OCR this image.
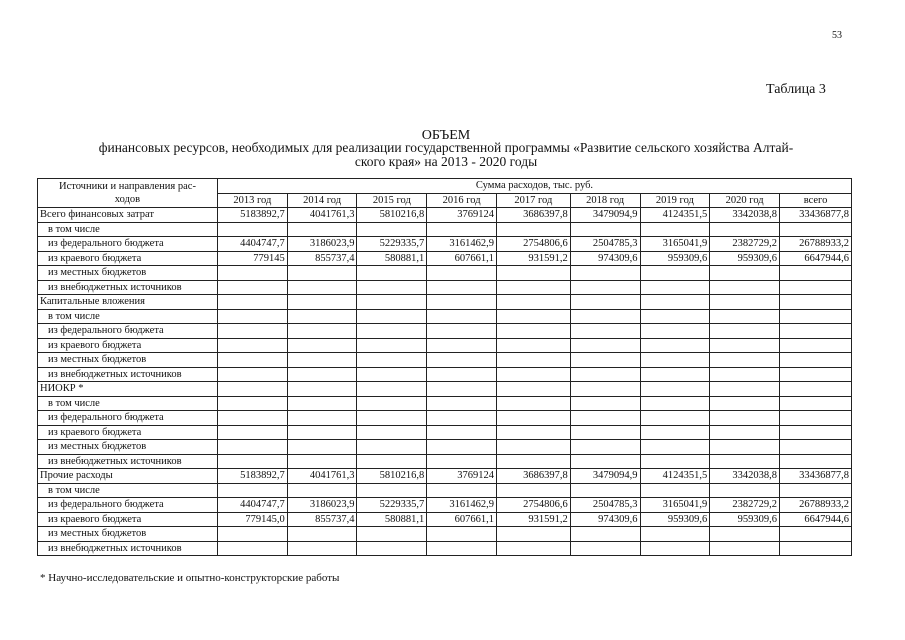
53
Таблица 3
ОБЪЕМ
финансовых ресурсов, необходимых для реализации государственной программы «Развитие сельского хозяйства Алтай-
ского края» на 2013 - 2020 годы
Источники и направления рас-
ходов	Сумма расходов, тыс. руб.								
	2013 год	2014 год	2015 год	2016 год	2017 год	2018 год	2019 год	2020 год	всего
Всего финансовых затрат	5183892,7	4041761,3	5810216,8	3769124	3686397,8	3479094,9	4124351,5	3342038,8	33436877,8
в том числе									
из федерального бюджета	4404747,7	3186023,9	5229335,7	3161462,9	2754806,6	2504785,3	3165041,9	2382729,2	26788933,2
из краевого бюджета	779145	855737,4	580881,1	607661,1	931591,2	974309,6	959309,6	959309,6	6647944,6
из местных бюджетов									
из внебюджетных источников									
Капитальные вложения									
в том числе									
из федерального бюджета									
из краевого бюджета									
из местных бюджетов									
из внебюджетных источников									
НИОКР *									
в том числе									
из федерального бюджета									
из краевого бюджета									
из местных бюджетов									
из внебюджетных источников									
Прочие расходы	5183892,7	4041761,3	5810216,8	3769124	3686397,8	3479094,9	4124351,5	3342038,8	33436877,8
в том числе									
из федерального бюджета	4404747,7	3186023,9	5229335,7	3161462,9	2754806,6	2504785,3	3165041,9	2382729,2	26788933,2
из краевого бюджета	779145,0	855737,4	580881,1	607661,1	931591,2	974309,6	959309,6	959309,6	6647944,6
из местных бюджетов									
из внебюджетных источников									
* Научно-исследовательские и опытно-конструкторские работы
